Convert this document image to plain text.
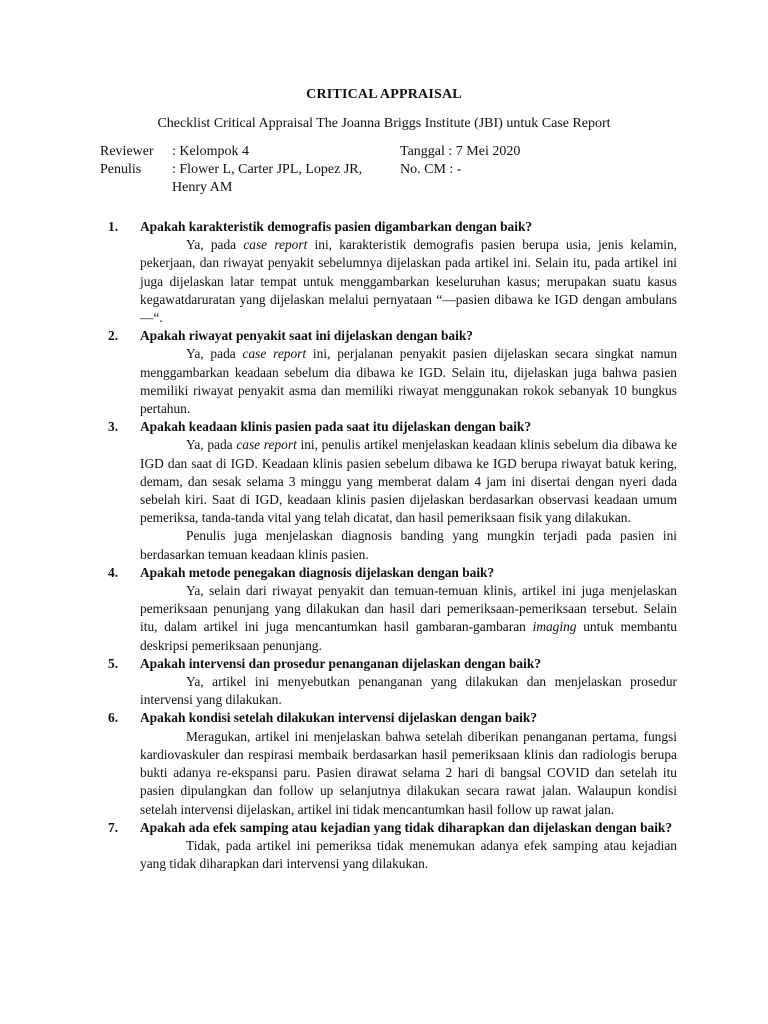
CRITICAL APPRAISAL
Checklist Critical Appraisal The Joanna Briggs Institute (JBI) untuk Case Report
Reviewer	: Kelompok 4	Tanggal : 7 Mei 2020
Penulis	: Flower L, Carter JPL, Lopez JR,	No. CM : -
Henry AM
1.	Apakah karakteristik demografis pasien digambarkan dengan baik?

Ya, pada case report ini, karakteristik demografis pasien berupa usia, jenis kelamin, pekerjaan, dan riwayat penyakit sebelumnya dijelaskan pada artikel ini. Selain itu, pada artikel ini juga dijelaskan latar tempat untuk menggambarkan keseluruhan kasus; merupakan suatu kasus kegawatdaruratan yang dijelaskan melalui pernyataan “—pasien dibawa ke IGD dengan ambulans—“.

2.	Apakah riwayat penyakit saat ini dijelaskan dengan baik?

Ya, pada case report ini, perjalanan penyakit pasien dijelaskan secara singkat namun menggambarkan keadaan sebelum dia dibawa ke IGD. Selain itu, dijelaskan juga bahwa pasien memiliki riwayat penyakit asma dan memiliki riwayat menggunakan rokok sebanyak 10 bungkus pertahun.

3.	Apakah keadaan klinis pasien pada saat itu dijelaskan dengan baik?

Ya, pada case report ini, penulis artikel menjelaskan keadaan klinis sebelum dia dibawa ke IGD dan saat di IGD. Keadaan klinis pasien sebelum dibawa ke IGD berupa riwayat batuk kering, demam, dan sesak selama 3 minggu yang memberat dalam 4 jam ini disertai dengan nyeri dada sebelah kiri. Saat di IGD, keadaan klinis pasien dijelaskan berdasarkan observasi keadaan umum pemeriksa, tanda-tanda vital yang telah dicatat, dan hasil pemeriksaan fisik yang dilakukan.

Penulis juga menjelaskan diagnosis banding yang mungkin terjadi pada pasien ini berdasarkan temuan keadaan klinis pasien.

4.	Apakah metode penegakan diagnosis dijelaskan dengan baik?

Ya, selain dari riwayat penyakit dan temuan-temuan klinis, artikel ini juga menjelaskan pemeriksaan penunjang yang dilakukan dan hasil dari pemeriksaan-pemeriksaan tersebut. Selain itu, dalam artikel ini juga mencantumkan hasil gambaran-gambaran imaging untuk membantu deskripsi pemeriksaan penunjang.

5.	Apakah intervensi dan prosedur penanganan dijelaskan dengan baik?

Ya, artikel ini menyebutkan penanganan yang dilakukan dan menjelaskan prosedur intervensi yang dilakukan.

6.	Apakah kondisi setelah dilakukan intervensi dijelaskan dengan baik?

Meragukan, artikel ini menjelaskan bahwa setelah diberikan penanganan pertama, fungsi kardiovaskuler dan respirasi membaik berdasarkan hasil pemeriksaan klinis dan radiologis berupa bukti adanya re-ekspansi paru. Pasien dirawat selama 2 hari di bangsal COVID dan setelah itu pasien dipulangkan dan follow up selanjutnya dilakukan secara rawat jalan. Walaupun kondisi setelah intervensi dijelaskan, artikel ini tidak mencantumkan hasil follow up rawat jalan.

7.	Apakah ada efek samping atau kejadian yang tidak diharapkan dan dijelaskan dengan baik?

Tidak, pada artikel ini pemeriksa tidak menemukan adanya efek samping atau kejadian yang tidak diharapkan dari intervensi yang dilakukan.
